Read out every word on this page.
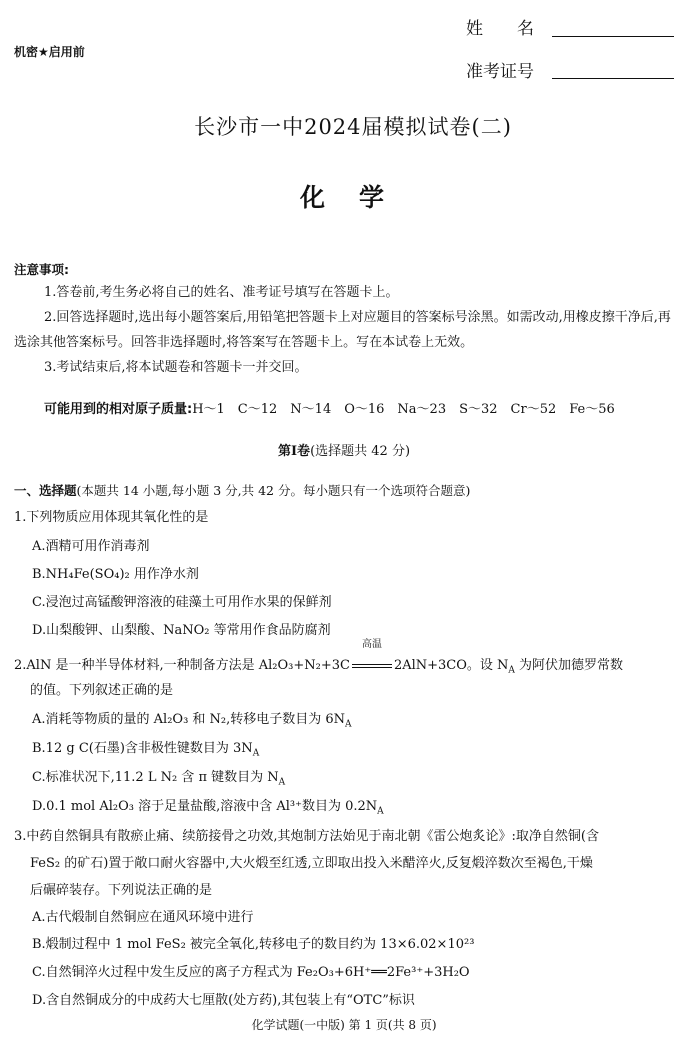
机密★启用前
姓　　名
准考证号
长沙市一中2024届模拟试卷(二)
化学
注意事项:
1.答卷前,考生务必将自己的姓名、准考证号填写在答题卡上。
2.回答选择题时,选出每小题答案后,用铅笔把答题卡上对应题目的答案标号涂黑。如需改动,用橡皮擦干净后,再选涂其他答案标号。回答非选择题时,将答案写在答题卡上。写在本试卷上无效。
3.考试结束后,将本试题卷和答题卡一并交回。
可能用到的相对原子质量:H～1　C～12　N～14　O～16　Na～23　S～32　Cr～52　Fe～56
第Ⅰ卷(选择题共 42 分)
一、选择题(本题共 14 小题,每小题 3 分,共 42 分。每小题只有一个选项符合题意)
1.下列物质应用体现其氧化性的是
A.酒精可用作消毒剂
B.NH₄Fe(SO₄)₂ 用作净水剂
C.浸泡过高锰酸钾溶液的硅藻土可用作水果的保鲜剂
D.山梨酸钾、山梨酸、NaNO₂ 等常用作食品防腐剂
2.AlN 是一种半导体材料,一种制备方法是 Al₂O₃+N₂+3C
高温
2AlN+3CO。设 $N_A$ 为阿伏加德罗常数
的值。下列叙述正确的是
A.消耗等物质的量的 Al₂O₃ 和 N₂,转移电子数目为 $6N_A$
B.12 g C(石墨)含非极性键数目为 $3N_A$
C.标准状况下,11.2 L N₂ 含 π 键数目为 $N_A$
D.0.1 mol Al₂O₃ 溶于足量盐酸,溶液中含 Al³⁺数目为 $0.2N_A$
3.中药自然铜具有散瘀止痛、续筋接骨之功效,其炮制方法始见于南北朝《雷公炮炙论》:取净自然铜(含
FeS₂ 的矿石)置于敞口耐火容器中,大火煅至红透,立即取出投入米醋淬火,反复煅淬数次至褐色,干燥
后碾碎装存。下列说法正确的是
A.古代煅制自然铜应在通风环境中进行
B.煅制过程中 1 mol FeS₂ 被完全氧化,转移电子的数目约为 13×6.02×10²³
C.自然铜淬火过程中发生反应的离子方程式为 Fe₂O₃+6H⁺══2Fe³⁺+3H₂O
D.含自然铜成分的中成药大七厘散(处方药),其包装上有“OTC”标识
化学试题(一中版) 第 1 页(共 8 页)
